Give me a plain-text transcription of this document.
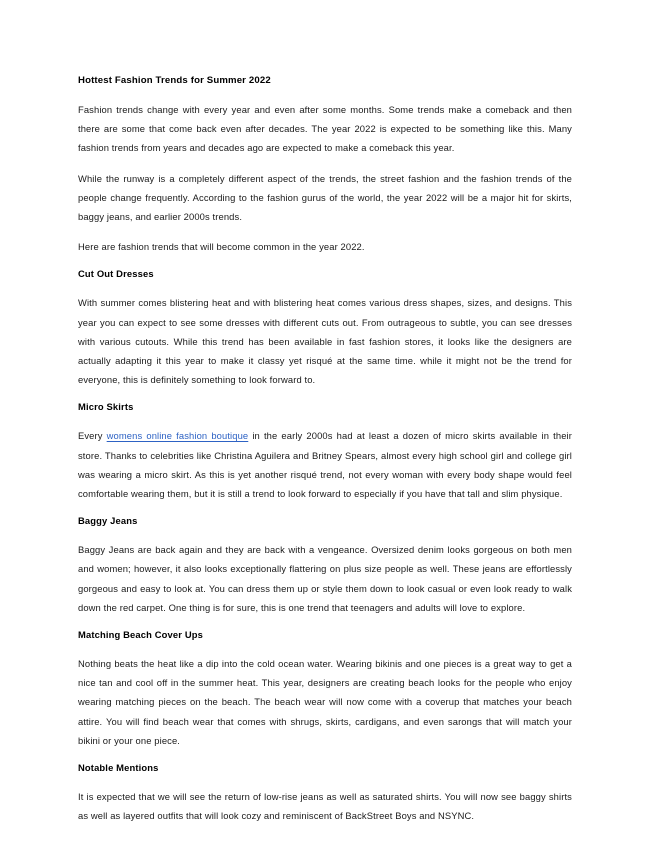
Hottest Fashion Trends for Summer 2022

Fashion trends change with every year and even after some months. Some trends make a comeback and then there are some that come back even after decades. The year 2022 is expected to be something like this. Many fashion trends from years and decades ago are expected to make a comeback this year.

While the runway is a completely different aspect of the trends, the street fashion and the fashion trends of the people change frequently. According to the fashion gurus of the world, the year 2022 will be a major hit for skirts, baggy jeans, and earlier 2000s trends.

Here are fashion trends that will become common in the year 2022.

Cut Out Dresses

With summer comes blistering heat and with blistering heat comes various dress shapes, sizes, and designs. This year you can expect to see some dresses with different cuts out. From outrageous to subtle, you can see dresses with various cutouts. While this trend has been available in fast fashion stores, it looks like the designers are actually adapting it this year to make it classy yet risqué at the same time. while it might not be the trend for everyone, this is definitely something to look forward to.

Micro Skirts

Every womens online fashion boutique in the early 2000s had at least a dozen of micro skirts available in their store. Thanks to celebrities like Christina Aguilera and Britney Spears, almost every high school girl and college girl was wearing a micro skirt. As this is yet another risqué trend, not every woman with every body shape would feel comfortable wearing them, but it is still a trend to look forward to especially if you have that tall and slim physique.

Baggy Jeans

Baggy Jeans are back again and they are back with a vengeance. Oversized denim looks gorgeous on both men and women; however, it also looks exceptionally flattering on plus size people as well. These jeans are effortlessly gorgeous and easy to look at. You can dress them up or style them down to look casual or even look ready to walk down the red carpet. One thing is for sure, this is one trend that teenagers and adults will love to explore.

Matching Beach Cover Ups

Nothing beats the heat like a dip into the cold ocean water. Wearing bikinis and one pieces is a great way to get a nice tan and cool off in the summer heat. This year, designers are creating beach looks for the people who enjoy wearing matching pieces on the beach. The beach wear will now come with a coverup that matches your beach attire. You will find beach wear that comes with shrugs, skirts, cardigans, and even sarongs that will match your bikini or your one piece.

Notable Mentions

It is expected that we will see the return of low-rise jeans as well as saturated shirts. You will now see baggy shirts as well as layered outfits that will look cozy and reminiscent of BackStreet Boys and NSYNC.
